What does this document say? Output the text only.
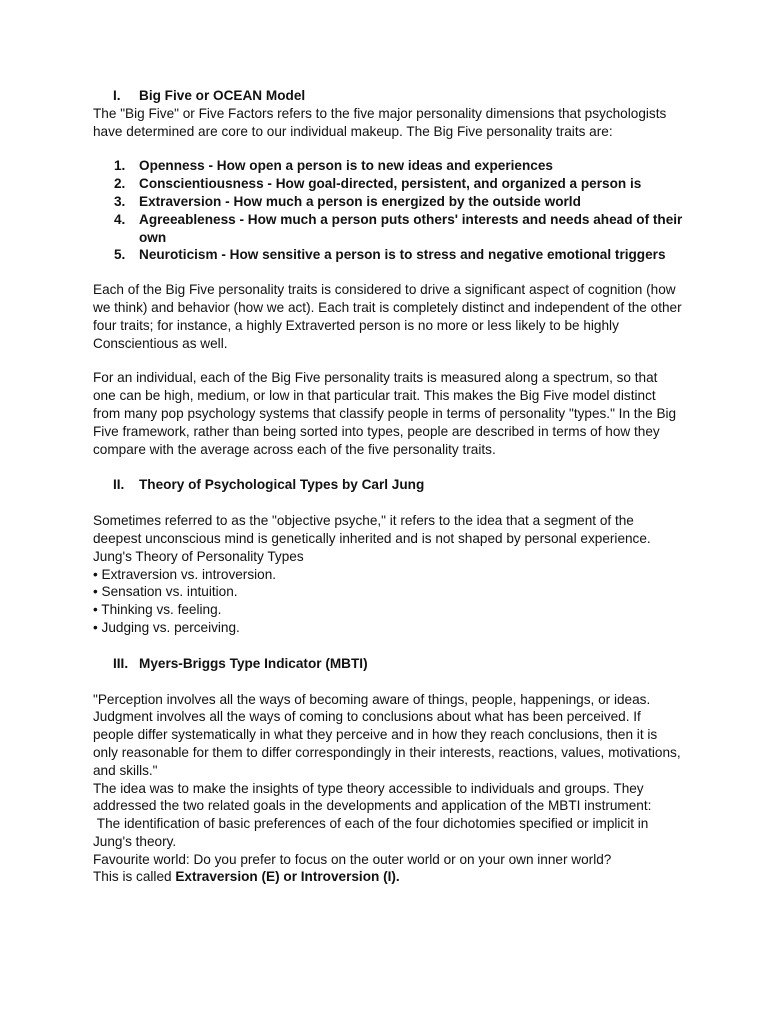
I.	Big Five or OCEAN Model

The "Big Five" or Five Factors refers to the five major personality dimensions that psychologists have determined are core to our individual makeup. The Big Five personality traits are:

1.	Openness - How open a person is to new ideas and experiences
2.	Conscientiousness - How goal-directed, persistent, and organized a person is
3.	Extraversion - How much a person is energized by the outside world
4.	Agreeableness - How much a person puts others' interests and needs ahead of their own
5.	Neuroticism - How sensitive a person is to stress and negative emotional triggers

Each of the Big Five personality traits is considered to drive a significant aspect of cognition (how we think) and behavior (how we act). Each trait is completely distinct and independent of the other four traits; for instance, a highly Extraverted person is no more or less likely to be highly Conscientious as well.

For an individual, each of the Big Five personality traits is measured along a spectrum, so that one can be high, medium, or low in that particular trait. This makes the Big Five model distinct from many pop psychology systems that classify people in terms of personality "types." In the Big Five framework, rather than being sorted into types, people are described in terms of how they compare with the average across each of the five personality traits.

II.	Theory of Psychological Types by Carl Jung

Sometimes referred to as the "objective psyche," it refers to the idea that a segment of the deepest unconscious mind is genetically inherited and is not shaped by personal experience.

Jung's Theory of Personality Types

• Extraversion vs. introversion.
• Sensation vs. intuition.
• Thinking vs. feeling.
• Judging vs. perceiving.
III. Myers-Briggs Type Indicator (MBTI)

"Perception involves all the ways of becoming aware of things, people, happenings, or ideas. Judgment involves all the ways of coming to conclusions about what has been perceived. If people differ systematically in what they perceive and in how they reach conclusions, then it is only reasonable for them to differ correspondingly in their interests, reactions, values, motivations, and skills."

The idea was to make the insights of type theory accessible to individuals and groups. They addressed the two related goals in the developments and application of the MBTI instrument:

The identification of basic preferences of each of the four dichotomies specified or implicit in Jung's theory.

Favourite world: Do you prefer to focus on the outer world or on your own inner world?

This is called Extraversion (E) or Introversion (I).
